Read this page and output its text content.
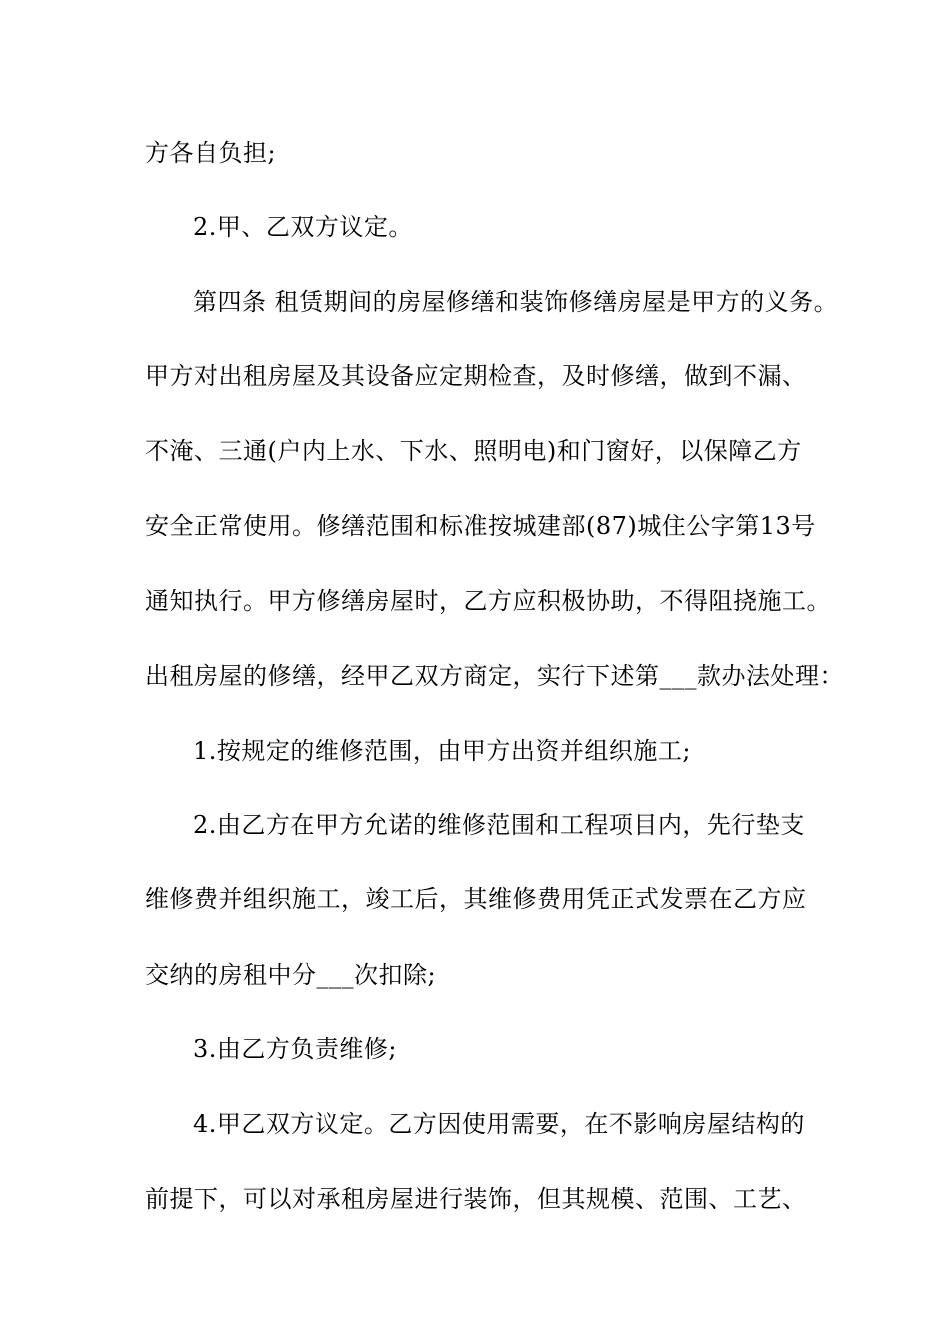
方各自负担;
2.甲、乙双方议定。
第四条 租赁期间的房屋修缮和装饰修缮房屋是甲方的义务。
甲方对出租房屋及其设备应定期检查，及时修缮，做到不漏、
不淹、三通(户内上水、下水、照明电)和门窗好，以保障乙方
安全正常使用。修缮范围和标准按城建部(87)城住公字第13号
通知执行。甲方修缮房屋时，乙方应积极协助，不得阻挠施工。
出租房屋的修缮，经甲乙双方商定，实行下述第___款办法处理：
1.按规定的维修范围，由甲方出资并组织施工;
2.由乙方在甲方允诺的维修范围和工程项目内，先行垫支
维修费并组织施工，竣工后，其维修费用凭正式发票在乙方应
交纳的房租中分___次扣除;
3.由乙方负责维修;
4.甲乙双方议定。乙方因使用需要，在不影响房屋结构的
前提下，可以对承租房屋进行装饰，但其规模、范围、工艺、
